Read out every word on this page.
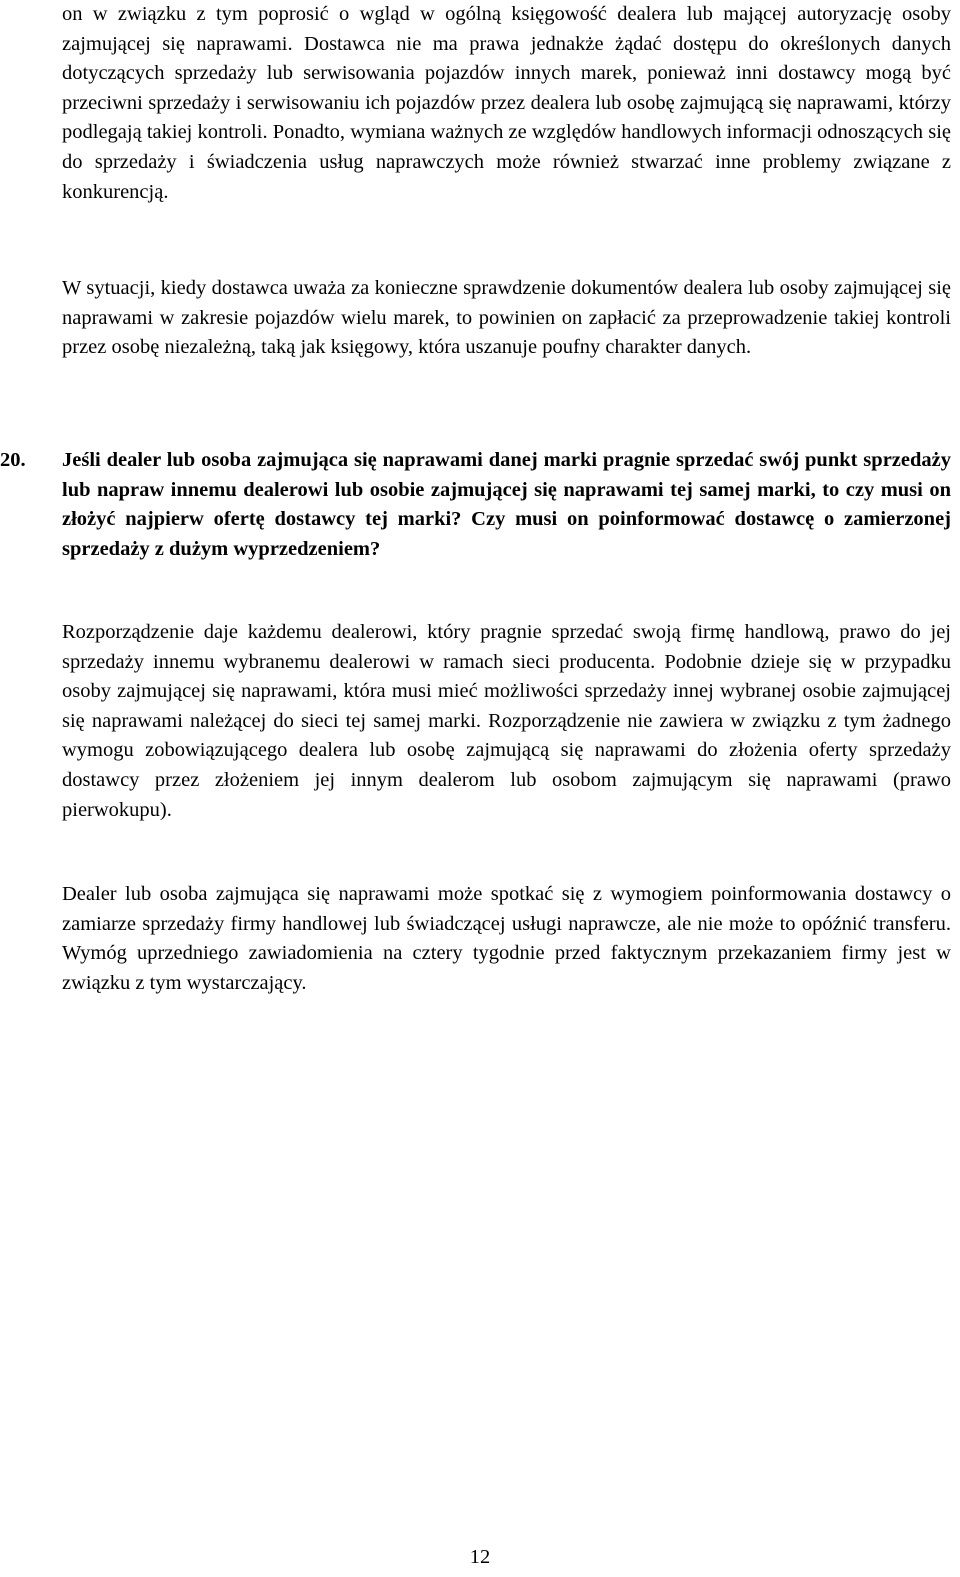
on w związku z tym poprosić o wgląd w ogólną księgowość dealera lub mającej autoryzację osoby zajmującej się naprawami. Dostawca nie ma prawa jednakże żądać dostępu do określonych danych dotyczących sprzedaży lub serwisowania pojazdów innych marek, ponieważ inni dostawcy mogą być przeciwni sprzedaży i serwisowaniu ich pojazdów przez dealera lub osobę zajmującą się naprawami, którzy podlegają takiej kontroli. Ponadto, wymiana ważnych ze względów handlowych informacji odnoszących się do sprzedaży i świadczenia usług naprawczych może również stwarzać inne problemy związane z konkurencją.

W sytuacji, kiedy dostawca uważa za konieczne sprawdzenie dokumentów dealera lub osoby zajmującej się naprawami w zakresie pojazdów wielu marek, to powinien on zapłacić za przeprowadzenie takiej kontroli przez osobę niezależną, taką jak księgowy, która uszanuje poufny charakter danych.

20.	Jeśli dealer lub osoba zajmująca się naprawami danej marki pragnie sprzedać swój punkt sprzedaży lub napraw innemu dealerowi lub osobie zajmującej się naprawami tej samej marki, to czy musi on złożyć najpierw ofertę dostawcy tej marki? Czy musi on poinformować dostawcę o zamierzonej sprzedaży z dużym wyprzedzeniem?

Rozporządzenie daje każdemu dealerowi, który pragnie sprzedać swoją firmę handlową, prawo do jej sprzedaży innemu wybranemu dealerowi w ramach sieci producenta. Podobnie dzieje się w przypadku osoby zajmującej się naprawami, która musi mieć możliwości sprzedaży innej wybranej osobie zajmującej się naprawami należącej do sieci tej samej marki. Rozporządzenie nie zawiera w związku z tym żadnego wymogu zobowiązującego dealera lub osobę zajmującą się naprawami do złożenia oferty sprzedaży dostawcy przez złożeniem jej innym dealerom lub osobom zajmującym się naprawami (prawo pierwokupu).

Dealer lub osoba zajmująca się naprawami może spotkać się z wymogiem poinformowania dostawcy o zamiarze sprzedaży firmy handlowej lub świadczącej usługi naprawcze, ale nie może to opóźnić transferu. Wymóg uprzedniego zawiadomienia na cztery tygodnie przed faktycznym przekazaniem firmy jest w związku z tym wystarczający.

12
